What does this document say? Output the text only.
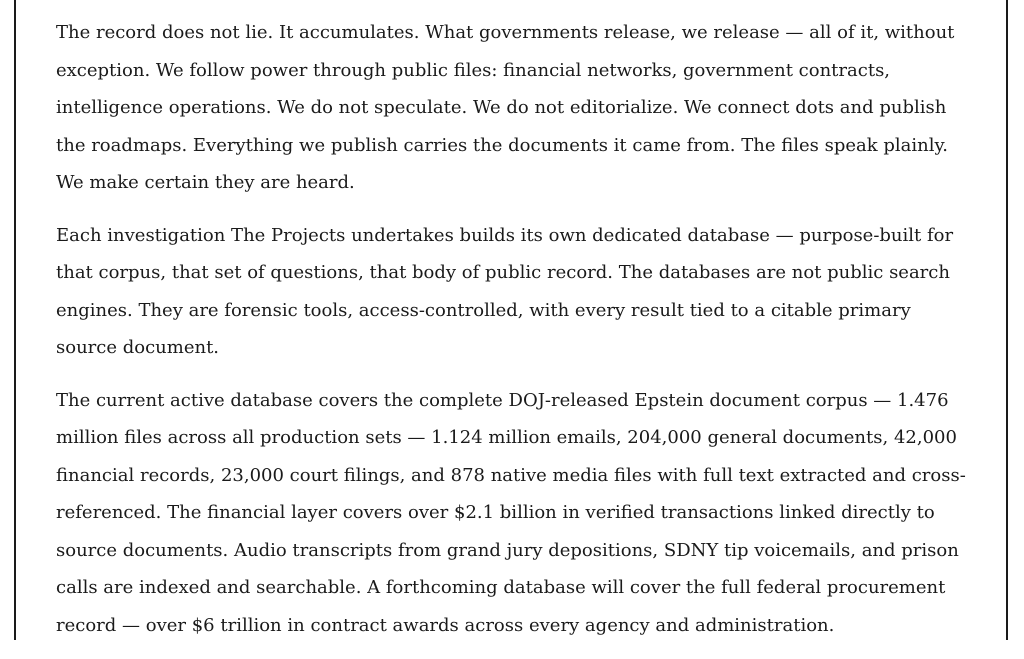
The record does not lie. It accumulates. What governments release, we release — all of it, without exception. We follow power through public files: financial networks, government contracts, intelligence operations. We do not speculate. We do not editorialize. We connect dots and publish the roadmaps. Everything we publish carries the documents it came from. The files speak plainly. We make certain they are heard.

Each investigation The Projects undertakes builds its own dedicated database — purpose-built for that corpus, that set of questions, that body of public record. The databases are not public search engines. They are forensic tools, access-controlled, with every result tied to a citable primary source document.

The current active database covers the complete DOJ-released Epstein document corpus — 1.476 million files across all production sets — 1.124 million emails, 204,000 general documents, 42,000 financial records, 23,000 court filings, and 878 native media files with full text extracted and cross-referenced. The financial layer covers over $2.1 billion in verified transactions linked directly to source documents. Audio transcripts from grand jury depositions, SDNY tip voicemails, and prison calls are indexed and searchable. A forthcoming database will cover the full federal procurement record — over $6 trillion in contract awards across every agency and administration.
